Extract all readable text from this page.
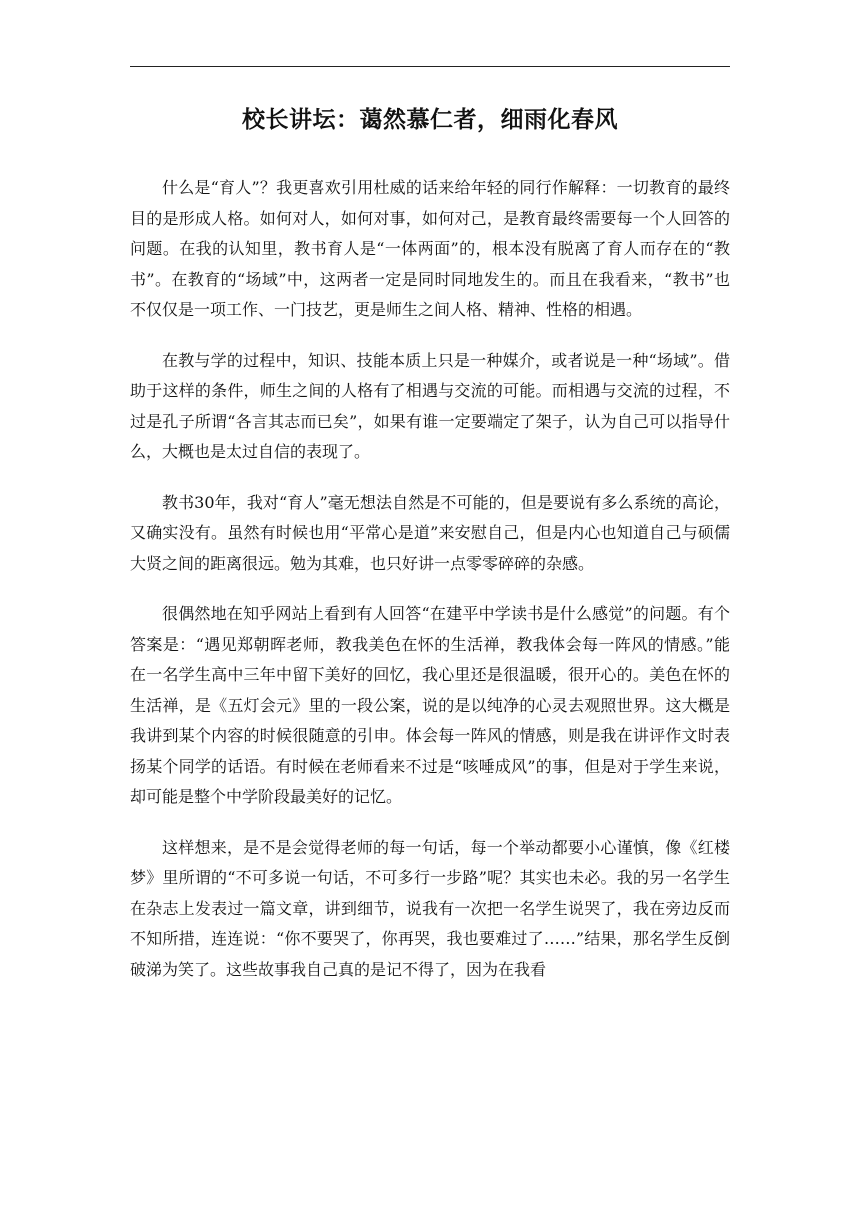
校长讲坛：蔼然慕仁者，细雨化春风

什么是“育人”？我更喜欢引用杜威的话来给年轻的同行作解释：一切教育的最终目的是形成人格。如何对人，如何对事，如何对己，是教育最终需要每一个人回答的问题。在我的认知里，教书育人是“一体两面”的，根本没有脱离了育人而存在的“教书”。在教育的“场域”中，这两者一定是同时同地发生的。而且在我看来，“教书”也不仅仅是一项工作、一门技艺，更是师生之间人格、精神、性格的相遇。

在教与学的过程中，知识、技能本质上只是一种媒介，或者说是一种“场域”。借助于这样的条件，师生之间的人格有了相遇与交流的可能。而相遇与交流的过程，不过是孔子所谓“各言其志而已矣”，如果有谁一定要端定了架子，认为自己可以指导什么，大概也是太过自信的表现了。

教书30年，我对“育人”毫无想法自然是不可能的，但是要说有多么系统的高论，又确实没有。虽然有时候也用“平常心是道”来安慰自己，但是内心也知道自己与硕儒大贤之间的距离很远。勉为其难，也只好讲一点零零碎碎的杂感。

很偶然地在知乎网站上看到有人回答“在建平中学读书是什么感觉”的问题。有个答案是：“遇见郑朝晖老师，教我美色在怀的生活禅，教我体会每一阵风的情感。”能在一名学生高中三年中留下美好的回忆，我心里还是很温暖，很开心的。美色在怀的生活禅，是《五灯会元》里的一段公案，说的是以纯净的心灵去观照世界。这大概是我讲到某个内容的时候很随意的引申。体会每一阵风的情感，则是我在讲评作文时表扬某个同学的话语。有时候在老师看来不过是“咳唾成风”的事，但是对于学生来说，却可能是整个中学阶段最美好的记忆。

这样想来，是不是会觉得老师的每一句话，每一个举动都要小心谨慎，像《红楼梦》里所谓的“不可多说一句话，不可多行一步路”呢？其实也未必。我的另一名学生在杂志上发表过一篇文章，讲到细节，说我有一次把一名学生说哭了，我在旁边反而不知所措，连连说：“你不要哭了，你再哭，我也要难过了……”结果，那名学生反倒破涕为笑了。这些故事我自己真的是记不得了，因为在我看
